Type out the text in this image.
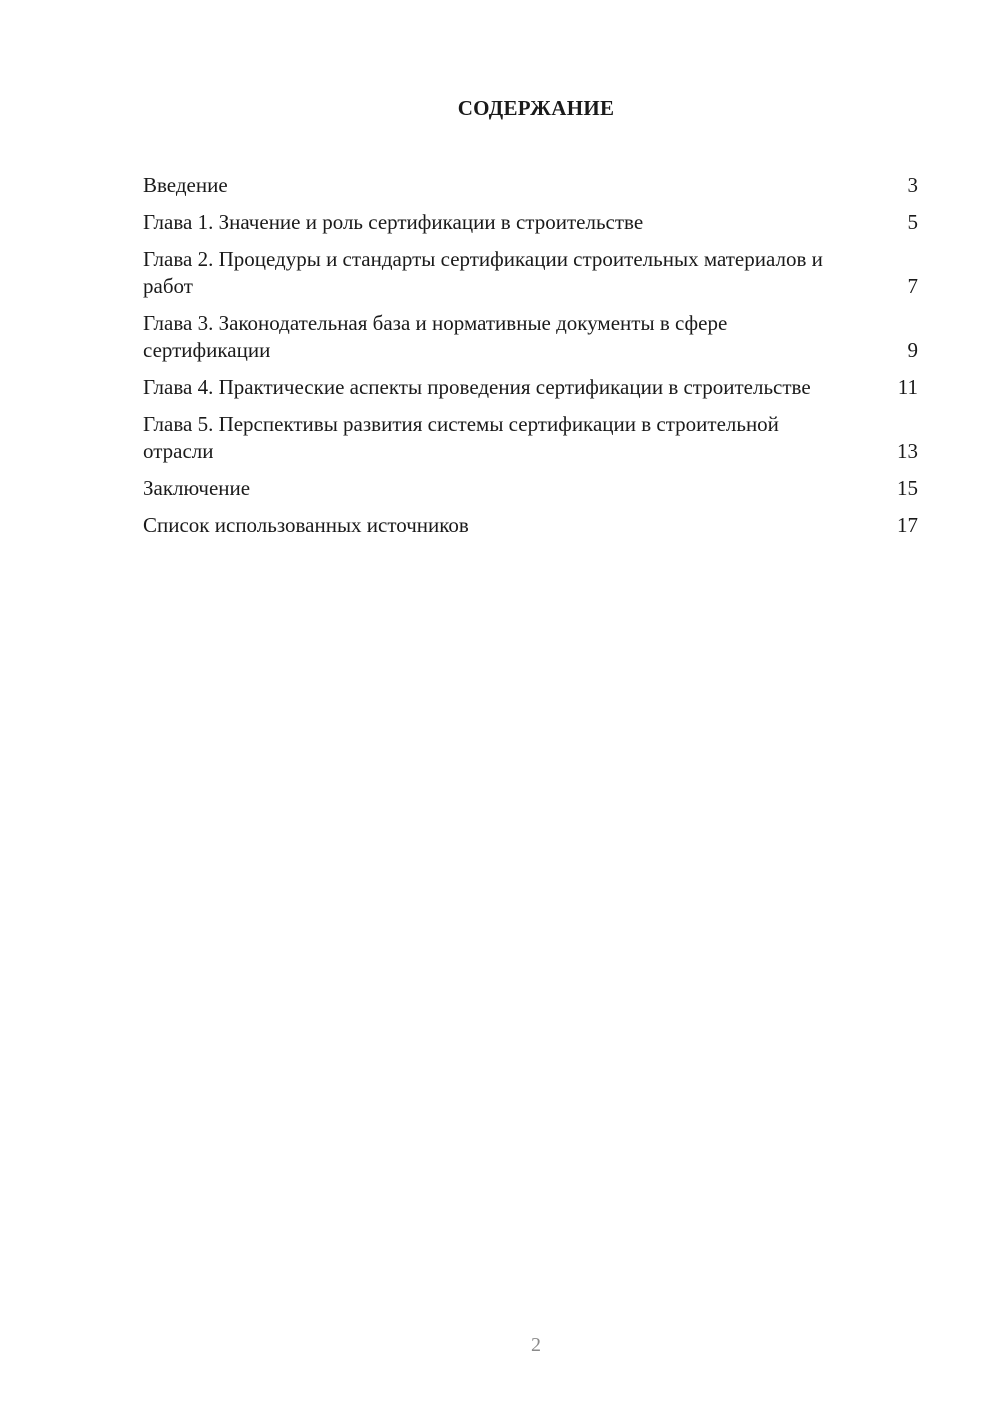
СОДЕРЖАНИЕ
Введение	3
Глава 1. Значение и роль сертификации в строительстве	5
Глава 2. Процедуры и стандарты сертификации строительных материалов и работ	7
Глава 3. Законодательная база и нормативные документы в сфере сертификации	9
Глава 4. Практические аспекты проведения сертификации в строительстве	11
Глава 5. Перспективы развития системы сертификации в строительной отрасли	13
Заключение	15
Список использованных источников	17
2
